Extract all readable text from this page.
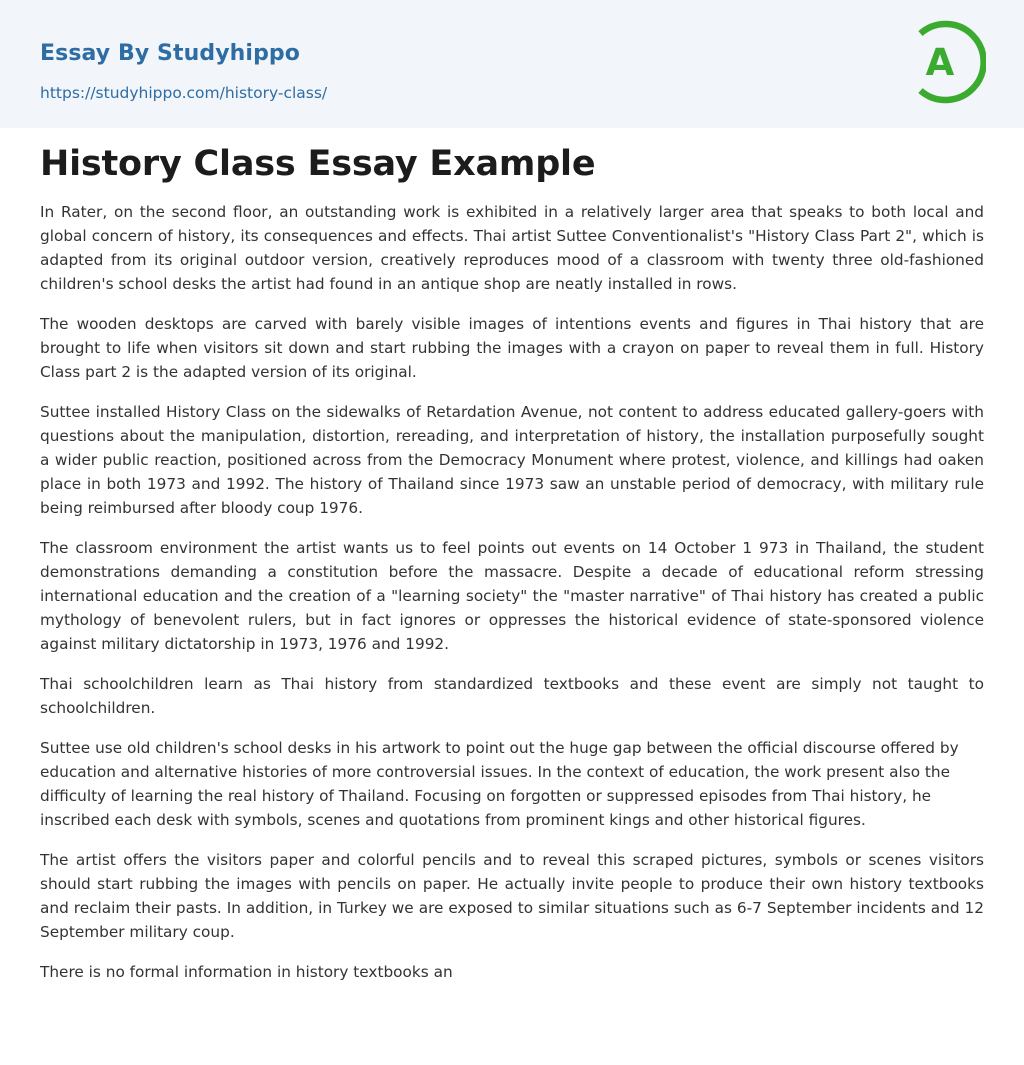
Essay By Studyhippo
https://studyhippo.com/history-class/
A
History Class Essay Example

In Rater, on the second floor, an outstanding work is exhibited in a relatively larger area that speaks to both local and global concern of history, its consequences and effects. Thai artist Suttee Conventionalist's "History Class Part 2", which is adapted from its original outdoor version, creatively reproduces mood of a classroom with twenty three old-fashioned children's school desks the artist had found in an antique shop are neatly installed in rows.

The wooden desktops are carved with barely visible images of intentions events and figures in Thai history that are brought to life when visitors sit down and start rubbing the images with a crayon on paper to reveal them in full. History Class part 2 is the adapted version of its original.

Suttee installed History Class on the sidewalks of Retardation Avenue, not content to address educated gallery-goers with questions about the manipulation, distortion, rereading, and interpretation of history, the installation purposefully sought a wider public reaction, positioned across from the Democracy Monument where protest, violence, and killings had oaken place in both 1973 and 1992. The history of Thailand since 1973 saw an unstable period of democracy, with military rule being reimbursed after bloody coup 1976.

The classroom environment the artist wants us to feel points out events on 14 October 1 973 in Thailand, the student demonstrations demanding a constitution before the massacre. Despite a decade of educational reform stressing international education and the creation of a "learning society" the "master narrative" of Thai history has created a public mythology of benevolent rulers, but in fact ignores or oppresses the historical evidence of state-sponsored violence against military dictatorship in 1973, 1976 and 1992.

Thai schoolchildren learn as Thai history from standardized textbooks and these event are simply not taught to schoolchildren.

Suttee use old children's school desks in his artwork to point out the huge gap between the official discourse offered by education and alternative histories of more controversial issues. In the context of education, the work present also the difficulty of learning the real history of Thailand. Focusing on forgotten or suppressed episodes from Thai history, he inscribed each desk with symbols, scenes and quotations from prominent kings and other historical figures.

The artist offers the visitors paper and colorful pencils and to reveal this scraped pictures, symbols or scenes visitors should start rubbing the images with pencils on paper. He actually invite people to produce their own history textbooks and reclaim their pasts. In addition, in Turkey we are exposed to similar situations such as 6-7 September incidents and 12 September military coup.

There is no formal information in history textbooks an
